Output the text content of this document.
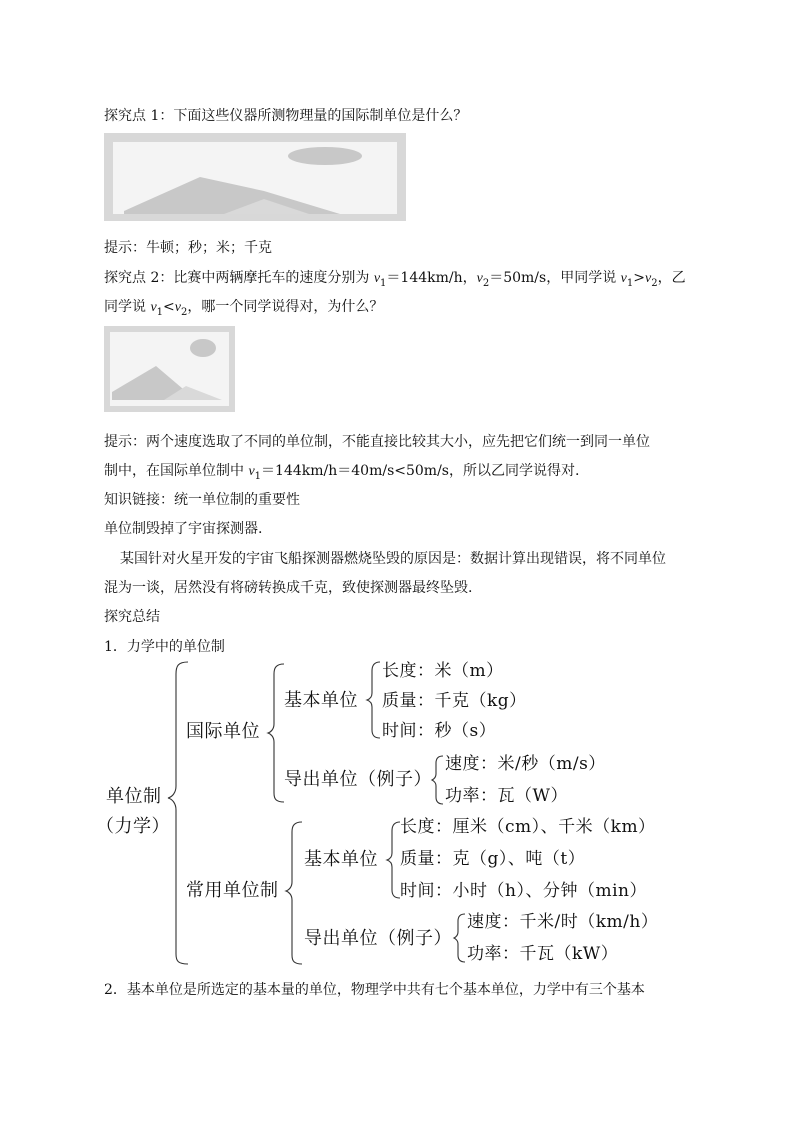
探究点 1：下面这些仪器所测物理量的国际制单位是什么？
提示：牛顿；秒；米；千克
探究点 2：比赛中两辆摩托车的速度分别为 $v_1=144km/h$，$v_2=50m/s$，甲同学说 $v_1>v_2$，乙
同学说 $v_1<v_2$，哪一个同学说得对，为什么？
提示：两个速度选取了不同的单位制，不能直接比较其大小，应先把它们统一到同一单位
制中，在国际单位制中 $v_1=144km/h=40m/s<50m/s$，所以乙同学说得对.
知识链接：统一单位制的重要性
单位制毁掉了宇宙探测器.
某国针对火星开发的宇宙飞船探测器燃烧坠毁的原因是：数据计算出现错误，将不同单位
混为一谈，居然没有将磅转换成千克，致使探测器最终坠毁.
探究总结
1．力学中的单位制
单位制
（力学）
国际单位
基本单位
长度：米（m）
质量：千克（kg）
时间：秒（s）
导出单位（例子）
速度：米/秒（m/s）
功率：瓦（W）
常用单位制
基本单位
长度：厘米（cm）、千米（km）
质量：克（g）、吨（t）
时间：小时（h）、分钟（min）
导出单位（例子）
速度：千米/时（km/h）
功率：千瓦（kW）
2．基本单位是所选定的基本量的单位，物理学中共有七个基本单位，力学中有三个基本
